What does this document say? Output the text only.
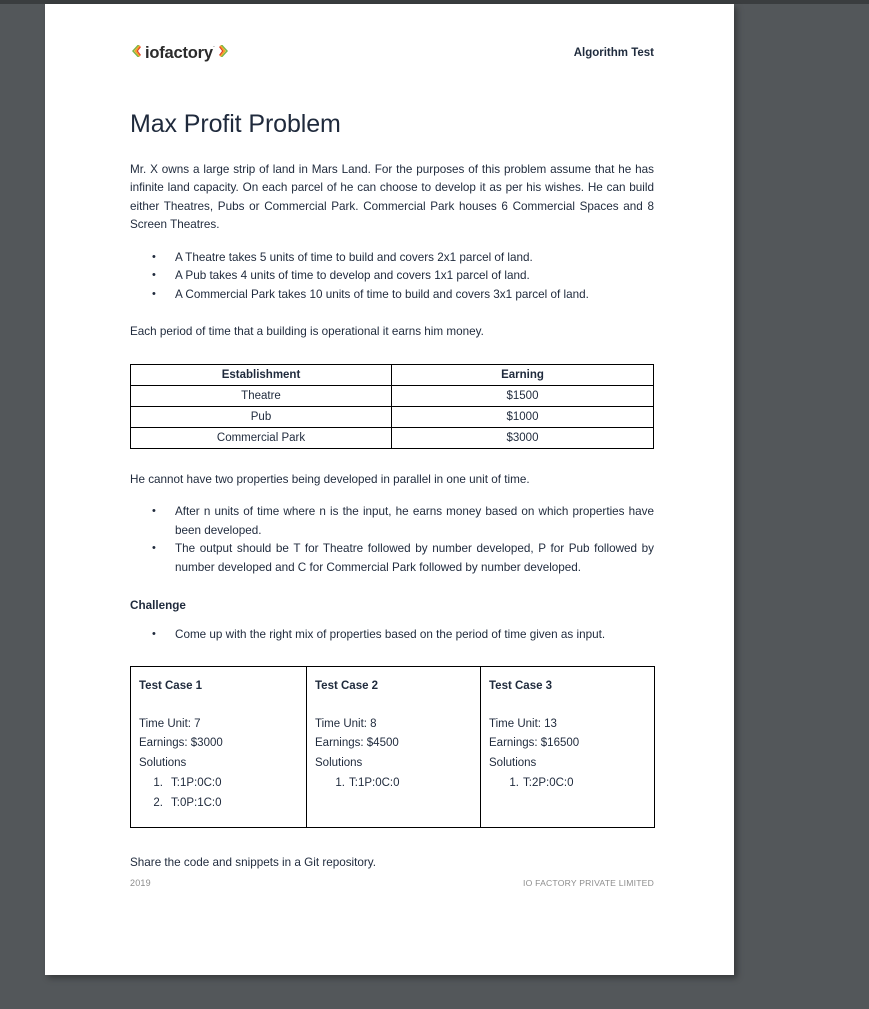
iofactory`	Algorithm Test
Max Profit Problem

Mr. X owns a large strip of land in Mars Land. For the purposes of this problem assume that he has infinite land capacity. On each parcel of he can choose to develop it as per his wishes. He can build either Theatres, Pubs or Commercial Park. Commercial Park houses 6 Commercial Spaces and 8 Screen Theatres.

• A Theatre takes 5 units of time to build and covers 2x1 parcel of land.
• A Pub takes 4 units of time to develop and covers 1x1 parcel of land.
• A Commercial Park takes 10 units of time to build and covers 3x1 parcel of land.

Each period of time that a building is operational it earns him money.

Establishment	Earning
Theatre	$1500
Pub	$1000
Commercial Park	$3000

He cannot have two properties being developed in parallel in one unit of time.

• After n units of time where n is the input, he earns money based on which properties have been developed.
• The output should be T for Theatre followed by number developed, P for Pub followed by number developed and C for Commercial Park followed by number developed.
Challenge
• Come up with the right mix of properties based on the period of time given as input.
Test Case 1
Time Unit: 7
Earnings: $3000
Solutions
1. T:1P:0C:0
2. T:0P:1C:0

Test Case 2
Time Unit: 8
Earnings: $4500
Solutions
1. T:1P:0C:0

Test Case 3
Time Unit: 13
Earnings: $16500
Solutions
1. T:2P:0C:0

Share the code and snippets in a Git repository.

2019	IO FACTORY PRIVATE LIMITED
